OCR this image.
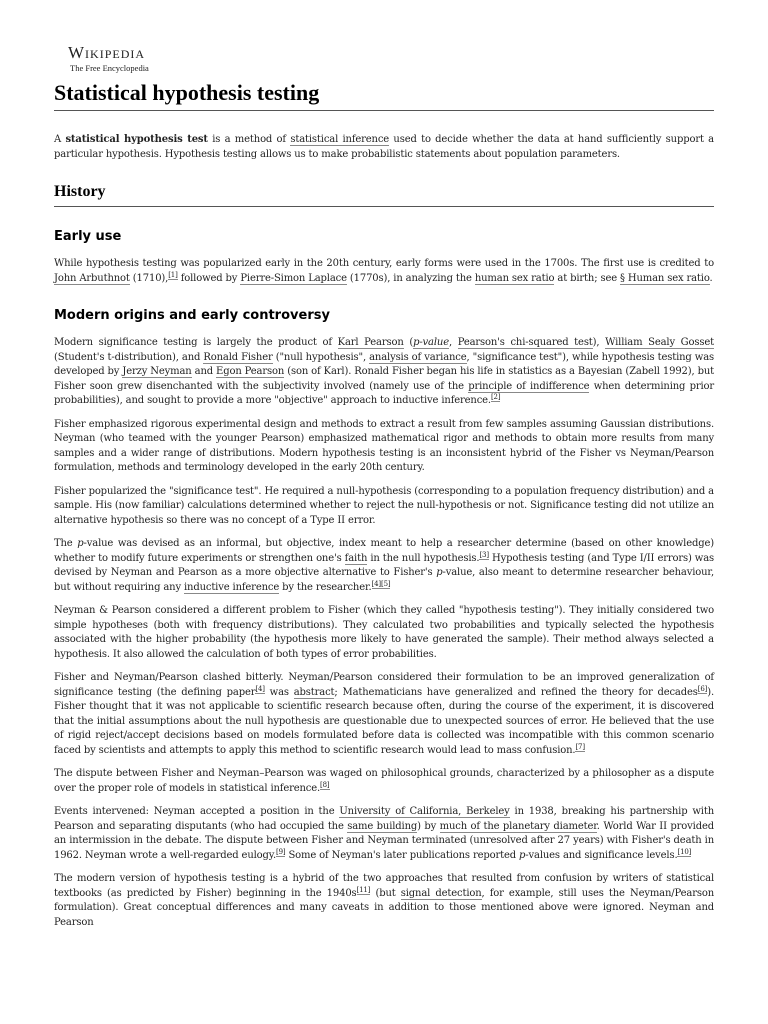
Wikipedia
The Free Encyclopedia
Statistical hypothesis testing

A statistical hypothesis test is a method of statistical inference used to decide whether the data at hand sufficiently support a particular hypothesis. Hypothesis testing allows us to make probabilistic statements about population parameters.

History
Early use

While hypothesis testing was popularized early in the 20th century, early forms were used in the 1700s. The first use is credited to John Arbuthnot (1710),[1] followed by Pierre-Simon Laplace (1770s), in analyzing the human sex ratio at birth; see § Human sex ratio.

Modern origins and early controversy

Modern significance testing is largely the product of Karl Pearson (p-value, Pearson's chi-squared test), William Sealy Gosset (Student's t-distribution), and Ronald Fisher ("null hypothesis", analysis of variance, "significance test"), while hypothesis testing was developed by Jerzy Neyman and Egon Pearson (son of Karl). Ronald Fisher began his life in statistics as a Bayesian (Zabell 1992), but Fisher soon grew disenchanted with the subjectivity involved (namely use of the principle of indifference when determining prior probabilities), and sought to provide a more "objective" approach to inductive inference.[2]

Fisher emphasized rigorous experimental design and methods to extract a result from few samples assuming Gaussian distributions. Neyman (who teamed with the younger Pearson) emphasized mathematical rigor and methods to obtain more results from many samples and a wider range of distributions. Modern hypothesis testing is an inconsistent hybrid of the Fisher vs Neyman/Pearson formulation, methods and terminology developed in the early 20th century.

Fisher popularized the "significance test". He required a null-hypothesis (corresponding to a population frequency distribution) and a sample. His (now familiar) calculations determined whether to reject the null-hypothesis or not. Significance testing did not utilize an alternative hypothesis so there was no concept of a Type II error.

The p-value was devised as an informal, but objective, index meant to help a researcher determine (based on other knowledge) whether to modify future experiments or strengthen one's faith in the null hypothesis.[3] Hypothesis testing (and Type I/II errors) was devised by Neyman and Pearson as a more objective alternative to Fisher's p-value, also meant to determine researcher behaviour, but without requiring any inductive inference by the researcher.[4][5]

Neyman & Pearson considered a different problem to Fisher (which they called "hypothesis testing"). They initially considered two simple hypotheses (both with frequency distributions). They calculated two probabilities and typically selected the hypothesis associated with the higher probability (the hypothesis more likely to have generated the sample). Their method always selected a hypothesis. It also allowed the calculation of both types of error probabilities.

Fisher and Neyman/Pearson clashed bitterly. Neyman/Pearson considered their formulation to be an improved generalization of significance testing (the defining paper[4] was abstract; Mathematicians have generalized and refined the theory for decades[6]). Fisher thought that it was not applicable to scientific research because often, during the course of the experiment, it is discovered that the initial assumptions about the null hypothesis are questionable due to unexpected sources of error. He believed that the use of rigid reject/accept decisions based on models formulated before data is collected was incompatible with this common scenario faced by scientists and attempts to apply this method to scientific research would lead to mass confusion.[7]

The dispute between Fisher and Neyman–Pearson was waged on philosophical grounds, characterized by a philosopher as a dispute over the proper role of models in statistical inference.[8]

Events intervened: Neyman accepted a position in the University of California, Berkeley in 1938, breaking his partnership with Pearson and separating disputants (who had occupied the same building) by much of the planetary diameter. World War II provided an intermission in the debate. The dispute between Fisher and Neyman terminated (unresolved after 27 years) with Fisher's death in 1962. Neyman wrote a well-regarded eulogy.[9] Some of Neyman's later publications reported p-values and significance levels.[10]

The modern version of hypothesis testing is a hybrid of the two approaches that resulted from confusion by writers of statistical textbooks (as predicted by Fisher) beginning in the 1940s[11] (but signal detection, for example, still uses the Neyman/Pearson formulation). Great conceptual differences and many caveats in addition to those mentioned above were ignored. Neyman and Pearson
